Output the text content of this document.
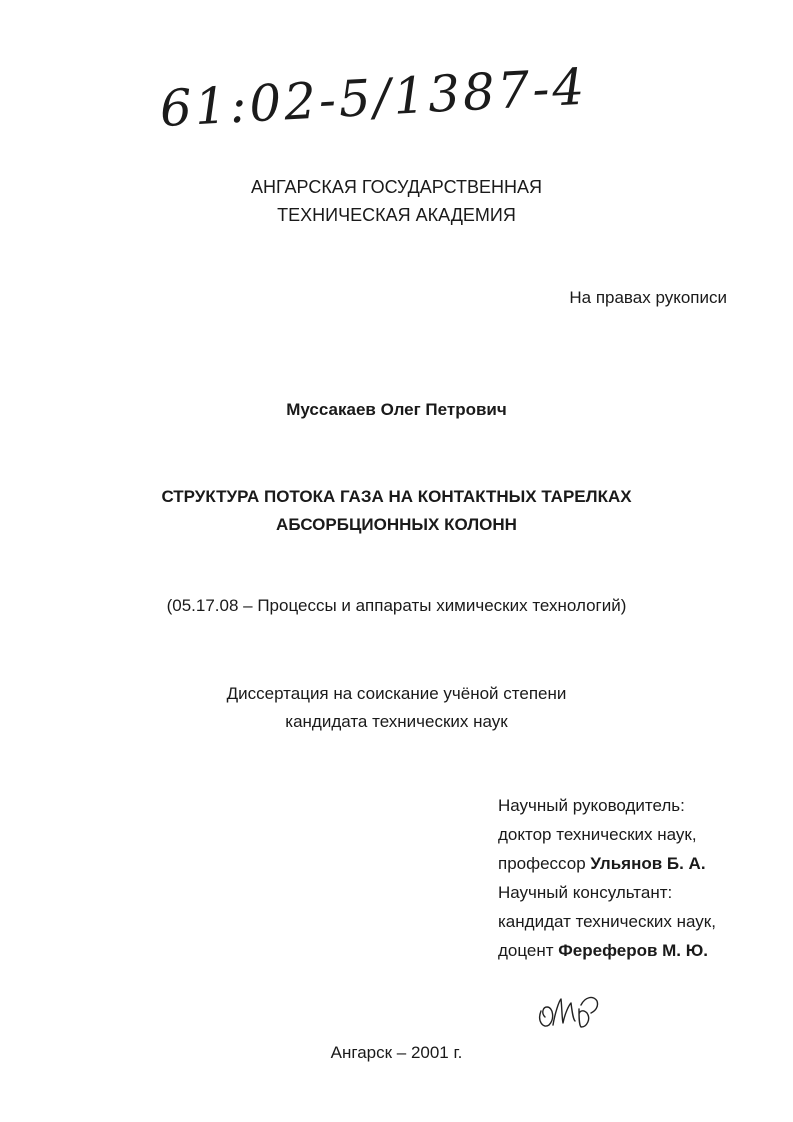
61:02-5/1387-4
АНГАРСКАЯ ГОСУДАРСТВЕННАЯ
ТЕХНИЧЕСКАЯ АКАДЕМИЯ
На правах рукописи
Муссакаев Олег Петрович
СТРУКТУРА ПОТОКА ГАЗА НА КОНТАКТНЫХ ТАРЕЛКАХ
АБСОРБЦИОННЫХ КОЛОНН
(05.17.08 – Процессы и аппараты химических технологий)
Диссертация на соискание учёной степени
кандидата технических наук
Научный руководитель:
доктор технических наук,
профессор Ульянов Б. А.
Научный консультант:
кандидат технических наук,
доцент Фереферов М. Ю.
Ангарск – 2001 г.
